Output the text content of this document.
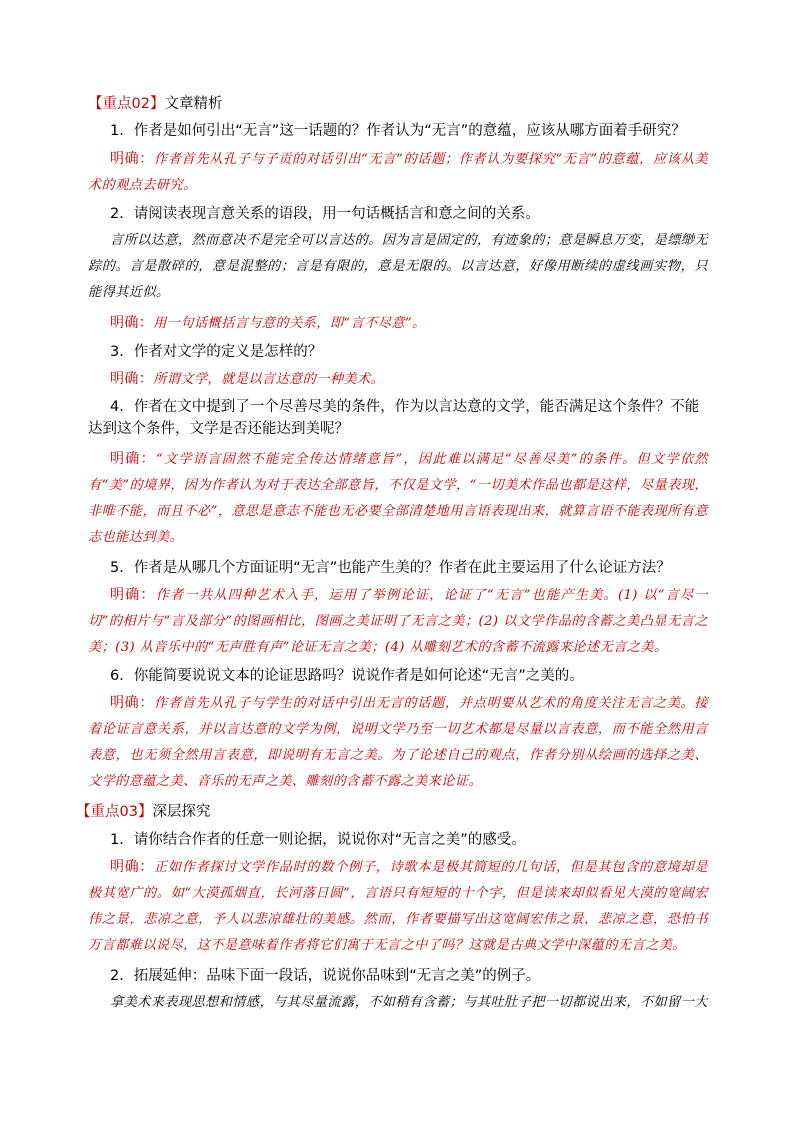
【重点02】文章精析
1．作者是如何引出“无言”这一话题的？作者认为“无言”的意蕴，应该从哪方面着手研究？
明确：作者首先从孔子与子贡的对话引出“无言”的话题；作者认为要探究“无言”的意蕴，应该从美术的观点去研究。
2．请阅读表现言意关系的语段，用一句话概括言和意之间的关系。
言所以达意，然而意决不是完全可以言达的。因为言是固定的，有迹象的；意是瞬息万变，是缥缈无踪的。言是散碎的，意是混整的；言是有限的，意是无限的。以言达意，好像用断续的虚线画实物，只能得其近似。
明确：用一句话概括言与意的关系，即“言不尽意”。
3．作者对文学的定义是怎样的？
明确：所谓文学，就是以言达意的一种美术。
4．作者在文中提到了一个尽善尽美的条件，作为以言达意的文学，能否满足这个条件？不能达到这个条件，文学是否还能达到美呢？
明确：“文学语言固然不能完全传达情绪意旨”，因此难以满足“尽善尽美”的条件。但文学依然有“美”的境界，因为作者认为对于表达全部意旨，不仅是文学，“一切美术作品也都是这样，尽量表现，非唯不能，而且不必”，意思是意志不能也无必要全部清楚地用言语表现出来，就算言语不能表现所有意志也能达到美。
5．作者是从哪几个方面证明“无言”也能产生美的？作者在此主要运用了什么论证方法？
明确：作者一共从四种艺术入手，运用了举例论证，论证了“无言”也能产生美。(1) 以“言尽一切”的相片与“言及部分”的图画相比，图画之美证明了无言之美；(2) 以文学作品的含蓄之美凸显无言之美；(3) 从音乐中的“无声胜有声”论证无言之美；(4) 从雕刻艺术的含蓄不流露来论述无言之美。
6．你能简要说说文本的论证思路吗？说说作者是如何论述“无言”之美的。
明确：作者首先从孔子与学生的对话中引出无言的话题，并点明要从艺术的角度关注无言之美。接着论证言意关系，并以言达意的文学为例，说明文学乃至一切艺术都是尽量以言表意，而不能全然用言表意，也无须全然用言表意，即说明有无言之美。为了论述自己的观点，作者分别从绘画的选择之美、文学的意蕴之美、音乐的无声之美、雕刻的含蓄不露之美来论证。
【重点03】深层探究
1．请你结合作者的任意一则论据，说说你对“无言之美”的感受。
明确：正如作者探讨文学作品时的数个例子，诗歌本是极其简短的几句话，但是其包含的意境却是极其宽广的。如“大漠孤烟直，长河落日圆”，言语只有短短的十个字，但是读来却似看见大漠的宽阔宏伟之景，悲凉之意，予人以悲凉雄壮的美感。然而，作者要描写出这宽阔宏伟之景，悲凉之意，恐怕书万言都难以说尽，这不是意味着作者将它们寓于无言之中了吗？这就是古典文学中深蕴的无言之美。
2．拓展延伸：品味下面一段话，说说你品味到“无言之美”的例子。
拿美术来表现思想和情感，与其尽量流露，不如稍有含蓄；与其吐肚子把一切都说出来，不如留一大
